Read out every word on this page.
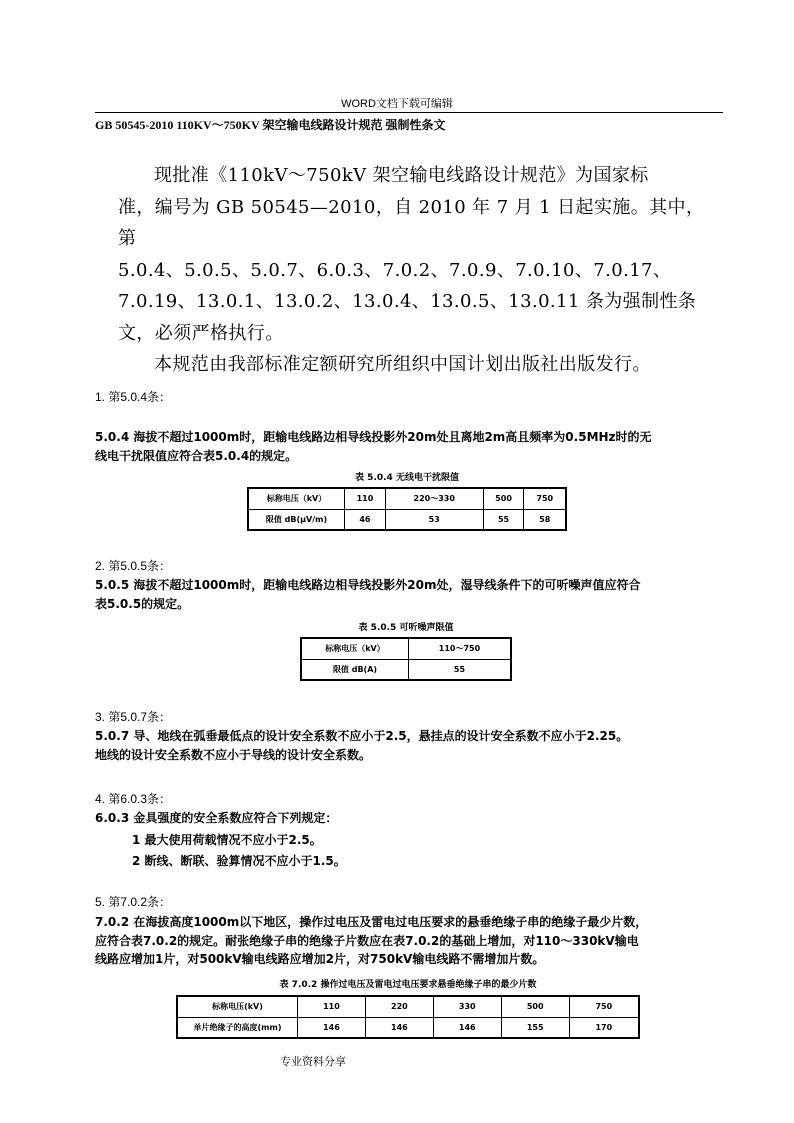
WORD文档下载可编辑
GB 50545-2010 110KV～750KV 架空输电线路设计规范 强制性条文

现批准《110kV～750kV 架空输电线路设计规范》为国家标

准，编号为 GB 50545—2010，自 2010 年 7 月 1 日起实施。其中，第

5.0.4、5.0.5、5.0.7、6.0.3、7.0.2、7.0.9、7.0.10、7.0.17、

7.0.19、13.0.1、13.0.2、13.0.4、13.0.5、13.0.11 条为强制性条

文，必须严格执行。

本规范由我部标准定额研究所组织中国计划出版社出版发行。

1. 第5.0.4条：
5.0.4 海拔不超过1000m时，距输电线路边相导线投影外20m处且离地2m高且频率为0.5MHz时的无
线电干扰限值应符合表5.0.4的规定。
表 5.0.4 无线电干扰限值
标称电压（kV）	110	220～330	500	750
限值 dB(μV/m)	46	53	55	58
2. 第5.0.5条：
5.0.5 海拔不超过1000m时，距输电线路边相导线投影外20m处，湿导线条件下的可听噪声值应符合
表5.0.5的规定。
表 5.0.5 可听噪声限值
标称电压（kV）	110～750
限值 dB(A)	55
3. 第5.0.7条：
5.0.7 导、地线在弧垂最低点的设计安全系数不应小于2.5，悬挂点的设计安全系数不应小于2.25。
地线的设计安全系数不应小于导线的设计安全系数。
4. 第6.0.3条：
6.0.3 金具强度的安全系数应符合下列规定：
1 最大使用荷载情况不应小于2.5。
2 断线、断联、验算情况不应小于1.5。
5. 第7.0.2条：
7.0.2 在海拔高度1000m以下地区，操作过电压及雷电过电压要求的悬垂绝缘子串的绝缘子最少片数，
应符合表7.0.2的规定。耐张绝缘子串的绝缘子片数应在表7.0.2的基础上增加，对110～330kV输电
线路应增加1片，对500kV输电线路应增加2片，对750kV输电线路不需增加片数。
表 7.0.2 操作过电压及雷电过电压要求悬垂绝缘子串的最少片数
标称电压(kV)	110	220	330	500	750
单片绝缘子的高度(mm)	146	146	146	155	170
专业资料分享
